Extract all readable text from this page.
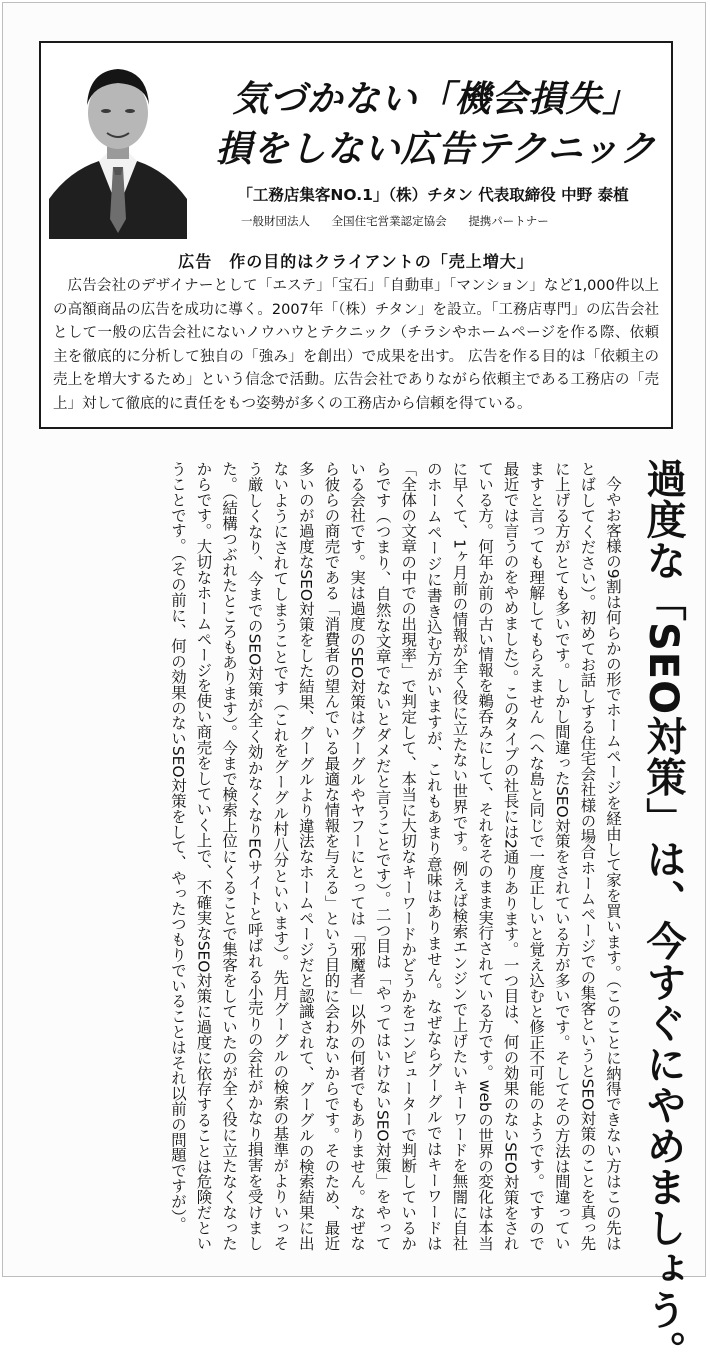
気づかない「機会損失」
損をしない広告テクニック
「工務店集客NO.1」（株）チタン 代表取締役 中野 泰植
一般財団法人 全国住宅営業認定協会 提携パートナー
広告　作の目的はクライアントの「売上増大」
広告会社のデザイナーとして「エステ」「宝石」「自動車」「マンション」など1,000件以上の高額商品の広告を成功に導く。2007年「（株）チタン」を設立。「工務店専門」の広告会社として一般の広告会社にないノウハウとテクニック（チラシやホームページを作る際、依頼主を徹底的に分析して独自の「強み」を創出）で成果を出す。 広告を作る目的は「依頼主の売上を増大するため」という信念で活動。広告会社でありながら依頼主である工務店の「売上」対して徹底的に責任をもつ姿勢が多くの工務店から信頼を得ている。
過度な「SEO対策」は、今すぐにやめましょう。

今やお客様の9割は何らかの形でホームページを経由して家を買います。（このことに納得できない方はこの先はとばしてください）。初めてお話しする住宅会社様の場合ホームページでの集客というとSEO対策のことを真っ先に上げる方がとても多いです。しかし間違ったSEO対策をされている方が多いです。そしてその方法は間違っていますと言っても理解してもらえません（ヘな島と同じで一度正しいと覚え込むと修正不可能のようです。ですので最近では言うのをやめました）。このタイプの社長には2通りあります。一つ目は、何の効果のないSEO対策をされている方。何年か前の古い情報を鵜呑みにして、それをそのまま実行されている方です。webの世界の変化は本当に早くて、1ヶ月前の情報が全く役に立たない世界です。例えば検索エンジンで上げたいキーワードを無闇に自社のホームページに書き込む方がいますが、これもあまり意味はありません。なぜならグーグルではキーワードは「全体の文章の中での出現率」で判定して、本当に大切なキーワードかどうかをコンピューターで判断しているからです（つまり、自然な文章でないとダメだと言うことです）。二つ目は「やってはいけないSEO対策」をやっている会社です。実は過度のSEO対策はグーグルやヤフーにとっては「邪魔者」以外の何者でもありません。なぜなら彼らの商売である「消費者の望んでいる最適な情報を与える」という目的に会わないからです。そのため、最近多いのが過度なSEO対策をした結果、グーグルより違法なホームページだと認識されて、グーグルの検索結果に出ないようにされてしまうことです（これをグーグル村八分といいます）。先月グーグルの検索の基準がよりいっそう厳しくなり、今までのSEO対策が全く効かなくなりECサイトと呼ばれる小売りの会社がかなり損害を受けました。（結構つぶれたところもあります）。今まで検索上位にくることで集客をしていたのが全く役に立たなくなったからです。大切なホームページを使い商売をしていく上で、不確実なSEO対策に過度に依存することは危険だということです。（その前に、何の効果のないSEO対策をして、やったつもりでいることはそれ以前の問題ですが）。
